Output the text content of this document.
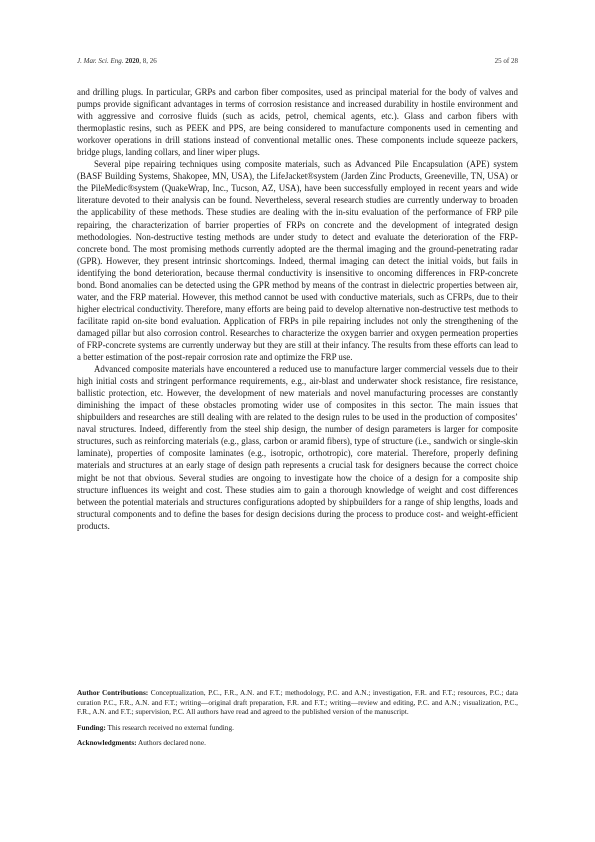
J. Mar. Sci. Eng. 2020, 8, 26	25 of 28

and drilling plugs. In particular, GRPs and carbon fiber composites, used as principal material for the body of valves and pumps provide significant advantages in terms of corrosion resistance and increased durability in hostile environment and with aggressive and corrosive fluids (such as acids, petrol, chemical agents, etc.). Glass and carbon fibers with thermoplastic resins, such as PEEK and PPS, are being considered to manufacture components used in cementing and workover operations in drill stations instead of conventional metallic ones. These components include squeeze packers, bridge plugs, landing collars, and liner wiper plugs.

Several pipe repairing techniques using composite materials, such as Advanced Pile Encapsulation (APE) system (BASF Building Systems, Shakopee, MN, USA), the LifeJacket®system (Jarden Zinc Products, Greeneville, TN, USA) or the PileMedic®system (QuakeWrap, Inc., Tucson, AZ, USA), have been successfully employed in recent years and wide literature devoted to their analysis can be found. Nevertheless, several research studies are currently underway to broaden the applicability of these methods. These studies are dealing with the in-situ evaluation of the performance of FRP pile repairing, the characterization of barrier properties of FRPs on concrete and the development of integrated design methodologies. Non-destructive testing methods are under study to detect and evaluate the deterioration of the FRP-concrete bond. The most promising methods currently adopted are the thermal imaging and the ground-penetrating radar (GPR). However, they present intrinsic shortcomings. Indeed, thermal imaging can detect the initial voids, but fails in identifying the bond deterioration, because thermal conductivity is insensitive to oncoming differences in FRP-concrete bond. Bond anomalies can be detected using the GPR method by means of the contrast in dielectric properties between air, water, and the FRP material. However, this method cannot be used with conductive materials, such as CFRPs, due to their higher electrical conductivity. Therefore, many efforts are being paid to develop alternative non-destructive test methods to facilitate rapid on-site bond evaluation. Application of FRPs in pile repairing includes not only the strengthening of the damaged pillar but also corrosion control. Researches to characterize the oxygen barrier and oxygen permeation properties of FRP-concrete systems are currently underway but they are still at their infancy. The results from these efforts can lead to a better estimation of the post-repair corrosion rate and optimize the FRP use.

Advanced composite materials have encountered a reduced use to manufacture larger commercial vessels due to their high initial costs and stringent performance requirements, e.g., air-blast and underwater shock resistance, fire resistance, ballistic protection, etc. However, the development of new materials and novel manufacturing processes are constantly diminishing the impact of these obstacles promoting wider use of composites in this sector. The main issues that shipbuilders and researches are still dealing with are related to the design rules to be used in the production of composites’ naval structures. Indeed, differently from the steel ship design, the number of design parameters is larger for composite structures, such as reinforcing materials (e.g., glass, carbon or aramid fibers), type of structure (i.e., sandwich or single-skin laminate), properties of composite laminates (e.g., isotropic, orthotropic), core material. Therefore, properly defining materials and structures at an early stage of design path represents a crucial task for designers because the correct choice might be not that obvious. Several studies are ongoing to investigate how the choice of a design for a composite ship structure influences its weight and cost. These studies aim to gain a thorough knowledge of weight and cost differences between the potential materials and structures configurations adopted by shipbuilders for a range of ship lengths, loads and structural components and to define the bases for design decisions during the process to produce cost- and weight-efficient products.

Author Contributions: Conceptualization, P.C., F.R., A.N. and F.T.; methodology, P.C. and A.N.; investigation, F.R. and F.T.; resources, P.C.; data curation P.C., F.R., A.N. and F.T.; writing—original draft preparation, F.R. and F.T.; writing—review and editing, P.C. and A.N.; visualization, P.C., F.R., A.N. and F.T.; supervision, P.C. All authors have read and agreed to the published version of the manuscript.

Funding: This research received no external funding.

Acknowledgments: Authors declared none.
